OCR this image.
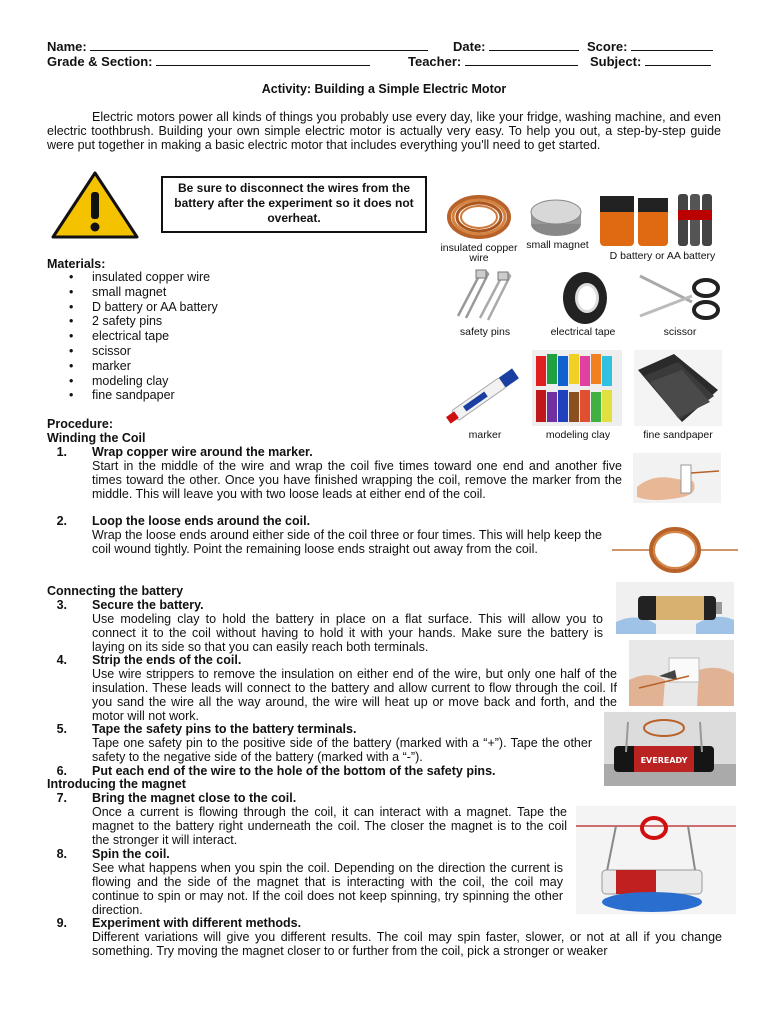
Name:	Date:	Score:
Grade & Section:	Teacher:	Subject:
Activity: Building a Simple Electric Motor
Electric motors power all kinds of things you probably use every day, like your fridge, washing machine, and even electric toothbrush. Building your own simple electric motor is actually very easy. To help you out, a step-by-step guide were put together in making a basic electric motor that includes everything you'll need to get started.
Be sure to disconnect the wires from the battery after the experiment so it does not overheat.
Materials:
• insulated copper wire
• small magnet
• D battery or AA battery
• 2 safety pins
• electrical tape
• scissor
• marker
• modeling clay
• fine sandpaper
insulated copper wire
small magnet
D battery or AA battery
safety pins	electrical tape	scissor
marker	modeling clay	fine sandpaper
Procedure:
Winding the Coil
1. Wrap copper wire around the marker.
Start in the middle of the wire and wrap the coil five times toward one end and another five times toward the other. Once you have finished wrapping the coil, remove the marker from the middle. This will leave you with two loose leads at either end of the coil.
2. Loop the loose ends around the coil.
Wrap the loose ends around either side of the coil three or four times. This will help keep the coil wound tightly. Point the remaining loose ends straight out away from the coil.
Connecting the battery
3. Secure the battery.
Use modeling clay to hold the battery in place on a flat surface. This will allow you to connect it to the coil without having to hold it with your hands. Make sure the battery is laying on its side so that you can easily reach both terminals.
4. Strip the ends of the coil.
Use wire strippers to remove the insulation on either end of the wire, but only one half of the insulation. These leads will connect to the battery and allow current to flow through the coil. If you sand the wire all the way around, the wire will heat up or move back and forth, and the motor will not work.
5. Tape the safety pins to the battery terminals.
Tape one safety pin to the positive side of the battery (marked with a “+”). Tape the other safety to the negative side of the battery (marked with a “-”).
6. Put each end of the wire to the hole of the bottom of the safety pins.
EVEREADY
Introducing the magnet
7. Bring the magnet close to the coil.
Once a current is flowing through the coil, it can interact with a magnet. Tape the magnet to the battery right underneath the coil. The closer the magnet is to the coil the stronger it will interact.
8. Spin the coil.
See what happens when you spin the coil. Depending on the direction the current is flowing and the side of the magnet that is interacting with the coil, the coil may continue to spin or may not. If the coil does not keep spinning, try spinning the other direction.
9. Experiment with different methods.
Different variations will give you different results. The coil may spin faster, slower, or not at all if you change something. Try moving the magnet closer to or further from the coil, pick a stronger or weaker
